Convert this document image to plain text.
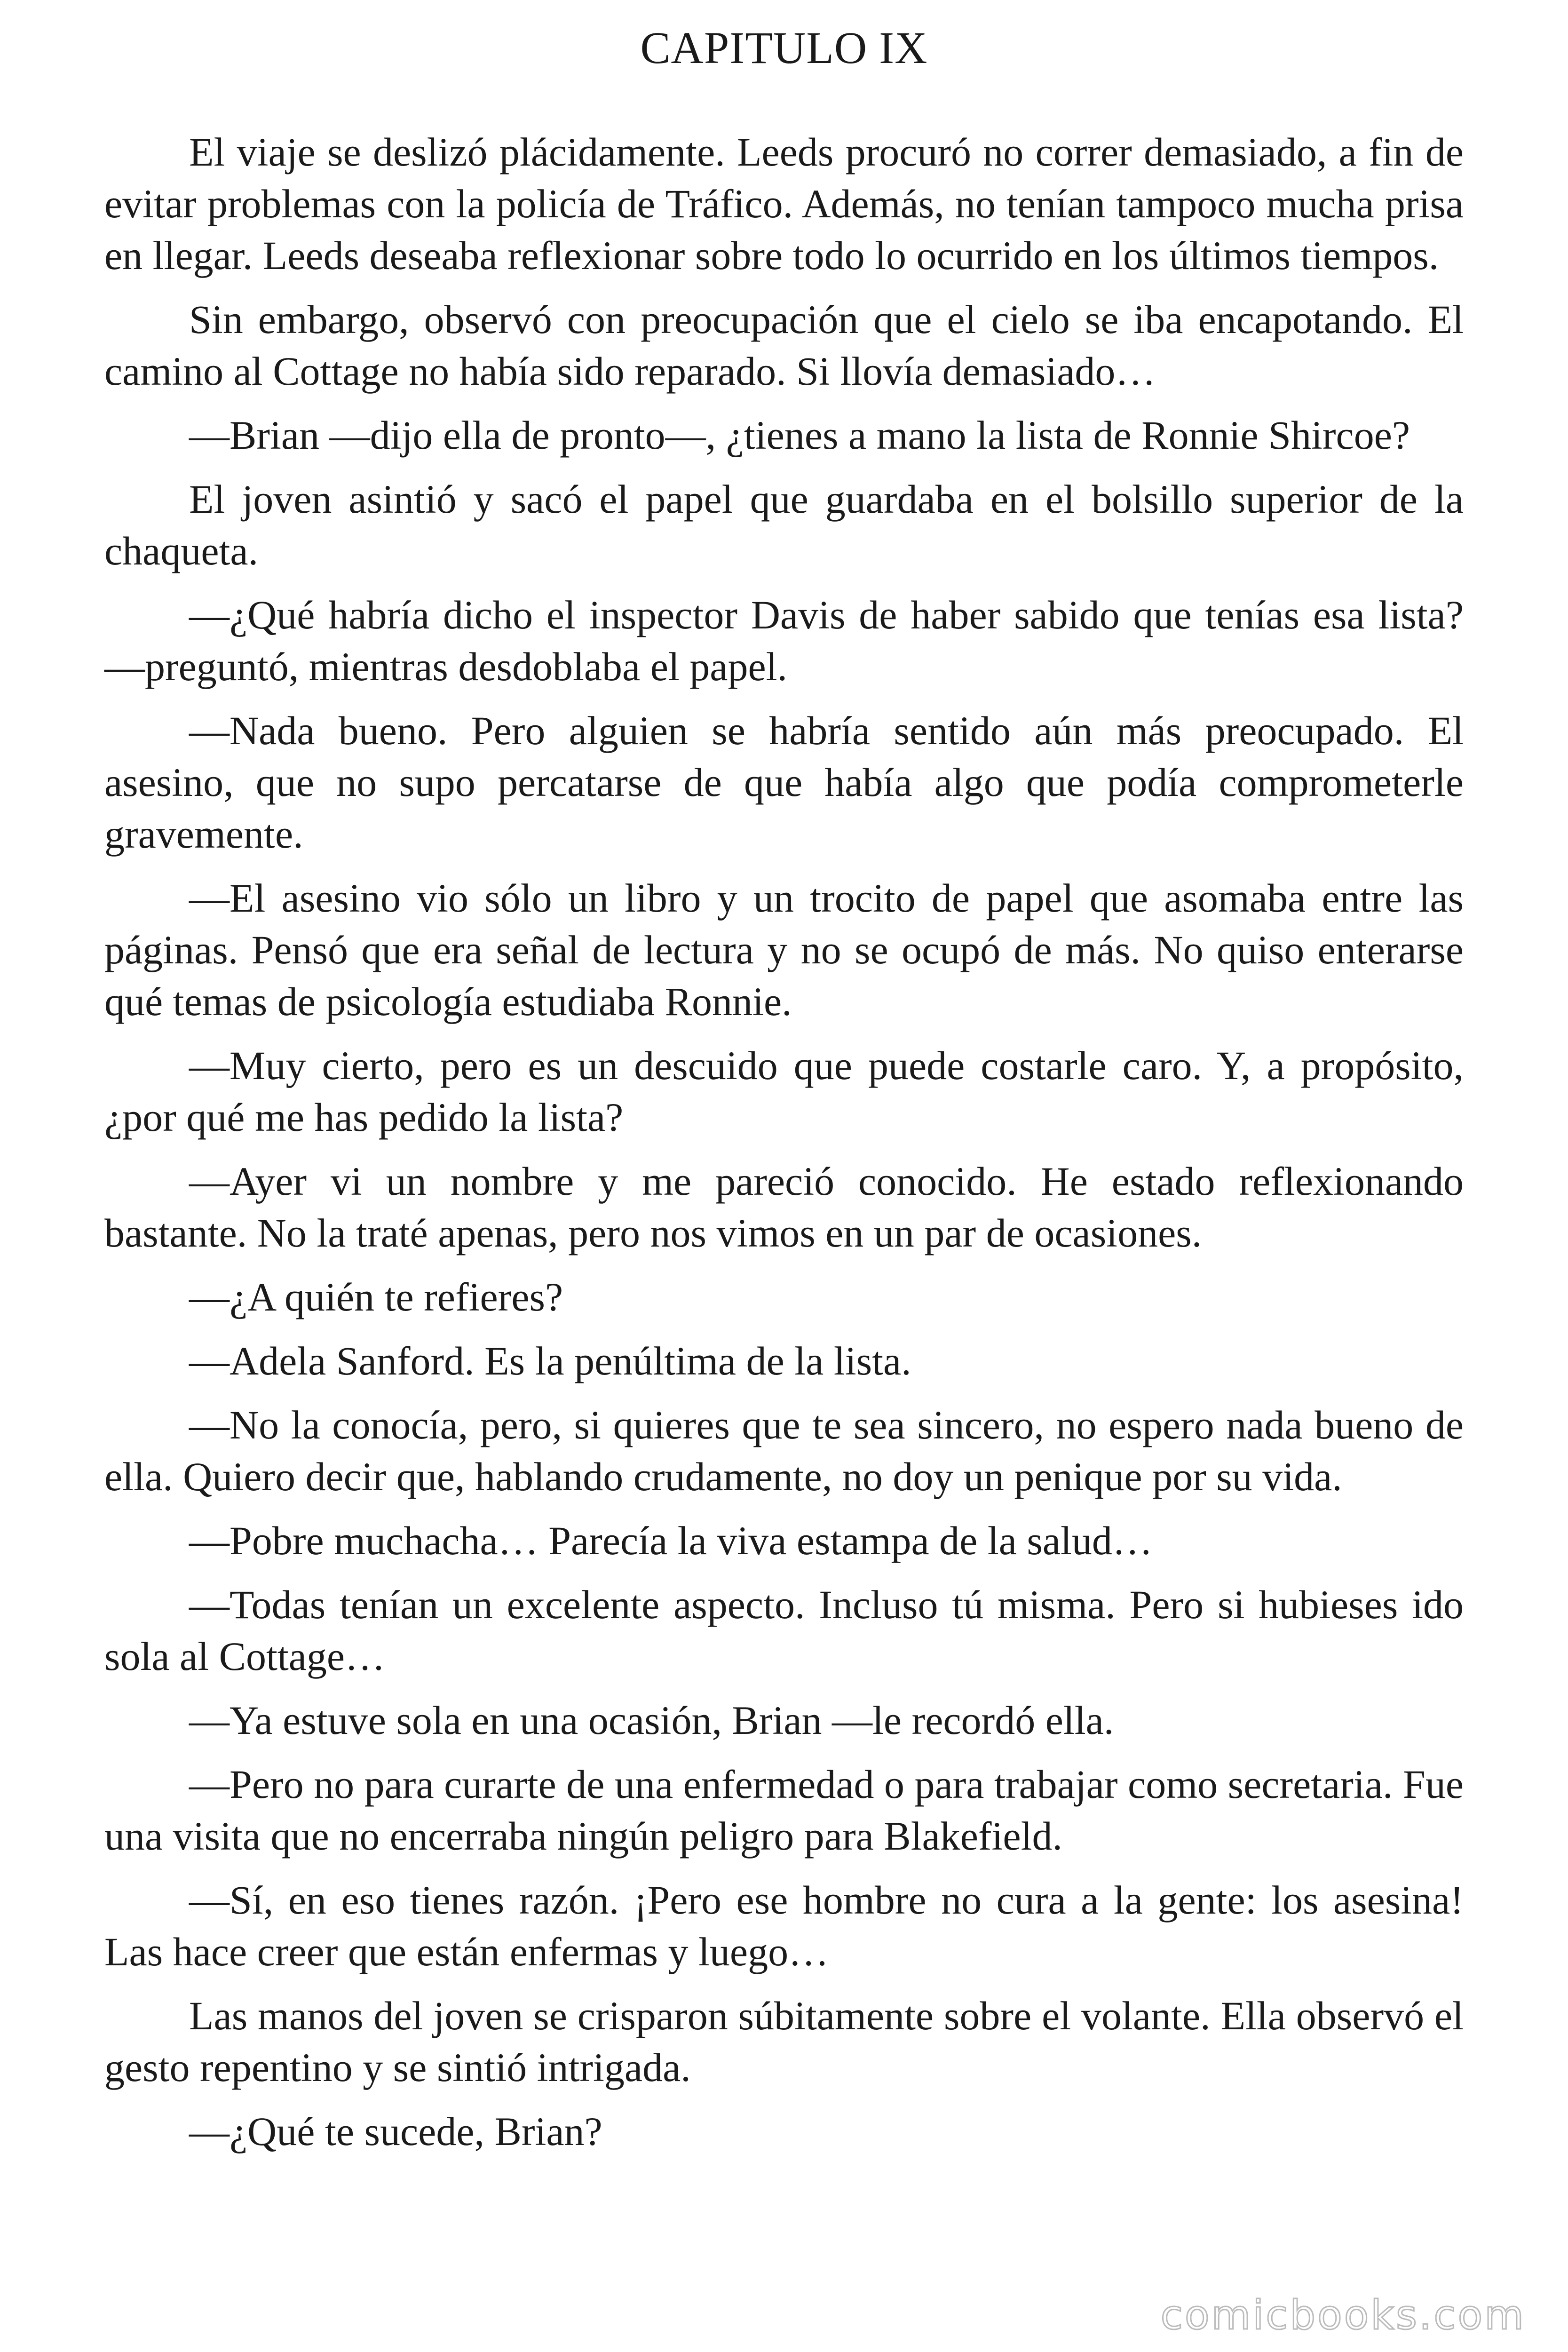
CAPITULO IX

El viaje se deslizó plácidamente. Leeds procuró no correr demasiado, a fin de evitar problemas con la policía de Tráfico. Además, no tenían tampoco mucha prisa en llegar. Leeds deseaba reflexionar sobre todo lo ocurrido en los últimos tiempos.

Sin embargo, observó con preocupación que el cielo se iba encapotando. El camino al Cottage no había sido reparado. Si llovía demasiado…

—Brian —dijo ella de pronto—, ¿tienes a mano la lista de Ronnie Shircoe?

El joven asintió y sacó el papel que guardaba en el bolsillo superior de la chaqueta.

—¿Qué habría dicho el inspector Davis de haber sabido que tenías esa lista? —preguntó, mientras desdoblaba el papel.

—Nada bueno. Pero alguien se habría sentido aún más preocupado. El asesino, que no supo percatarse de que había algo que podía comprometerle gravemente.

—El asesino vio sólo un libro y un trocito de papel que asomaba entre las páginas. Pensó que era señal de lectura y no se ocupó de más. No quiso enterarse qué temas de psicología estudiaba Ronnie.

—Muy cierto, pero es un descuido que puede costarle caro. Y, a propósito, ¿por qué me has pedido la lista?

—Ayer vi un nombre y me pareció conocido. He estado reflexionando bastante. No la traté apenas, pero nos vimos en un par de ocasiones.

—¿A quién te refieres?

—Adela Sanford. Es la penúltima de la lista.

—No la conocía, pero, si quieres que te sea sincero, no espero nada bueno de ella. Quiero decir que, hablando crudamente, no doy un penique por su vida.

—Pobre muchacha… Parecía la viva estampa de la salud…

—Todas tenían un excelente aspecto. Incluso tú misma. Pero si hubieses ido sola al Cottage…

—Ya estuve sola en una ocasión, Brian —le recordó ella.

—Pero no para curarte de una enfermedad o para trabajar como secretaria. Fue una visita que no encerraba ningún peligro para Blakefield.

—Sí, en eso tienes razón. ¡Pero ese hombre no cura a la gente: los asesina! Las hace creer que están enfermas y luego…

Las manos del joven se crisparon súbitamente sobre el volante. Ella observó el gesto repentino y se sintió intrigada.

—¿Qué te sucede, Brian?

comicbooks.com
